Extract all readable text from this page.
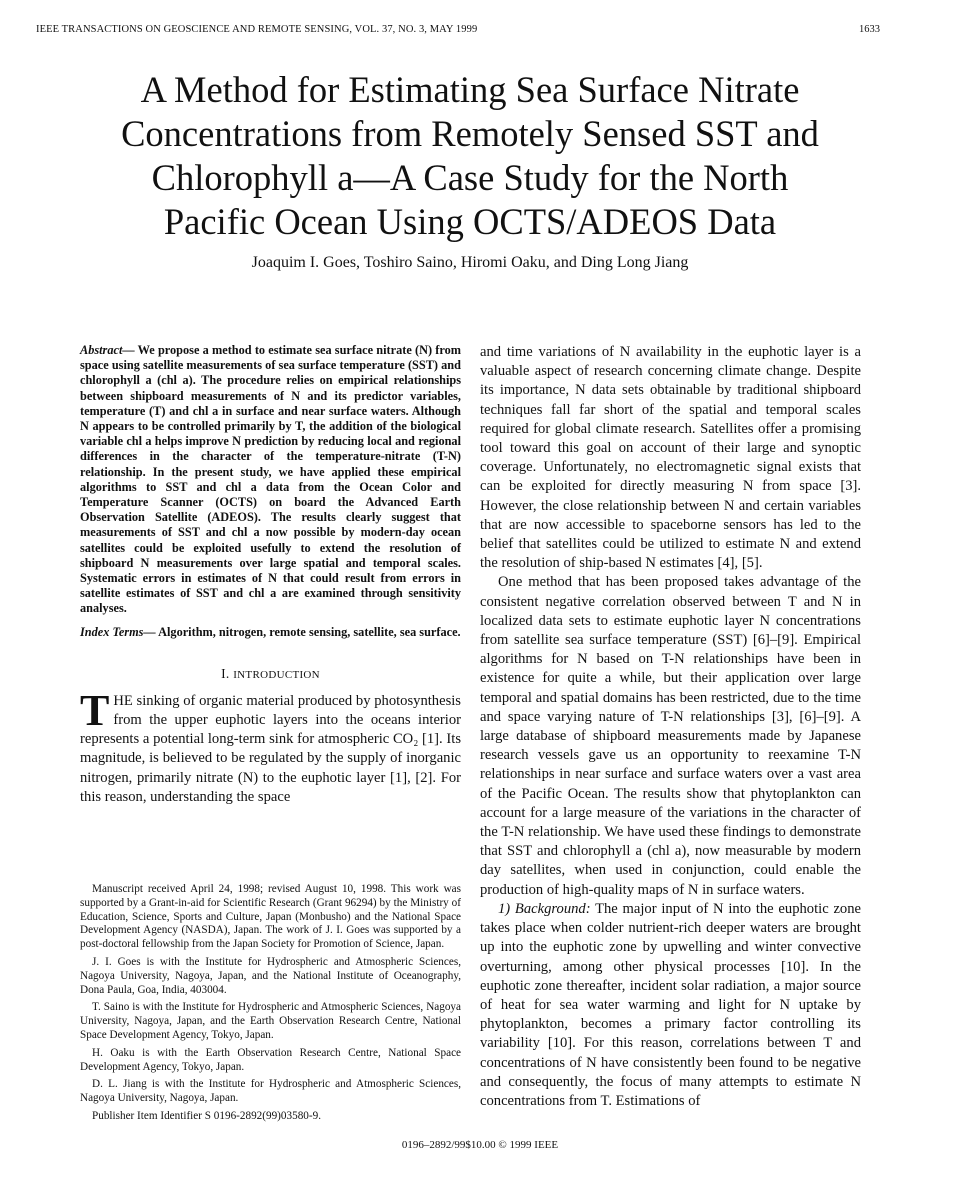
IEEE TRANSACTIONS ON GEOSCIENCE AND REMOTE SENSING, VOL. 37, NO. 3, MAY 1999	1633
A Method for Estimating Sea Surface Nitrate
Concentrations from Remotely Sensed SST and
Chlorophyll a—A Case Study for the North
Pacific Ocean Using OCTS/ADEOS Data
Joaquim I. Goes, Toshiro Saino, Hiromi Oaku, and Ding Long Jiang

Abstract— We propose a method to estimate sea surface nitrate (N) from space using satellite measurements of sea surface temperature (SST) and chlorophyll a (chl a). The procedure relies on empirical relationships between shipboard measurements of N and its predictor variables, temperature (T) and chl a in surface and near surface waters. Although N appears to be controlled primarily by T, the addition of the biological variable chl a helps improve N prediction by reducing local and regional differences in the character of the temperature-nitrate (T-N) relationship. In the present study, we have applied these empirical algorithms to SST and chl a data from the Ocean Color and Temperature Scanner (OCTS) on board the Advanced Earth Observation Satellite (ADEOS). The results clearly suggest that measurements of SST and chl a now possible by modern-day ocean satellites could be exploited usefully to extend the resolution of shipboard N measurements over large spatial and temporal scales. Systematic errors in estimates of N that could result from errors in satellite estimates of SST and chl a are examined through sensitivity analyses.

Index Terms— Algorithm, nitrogen, remote sensing, satellite, sea surface.

I. INTRODUCTION

THE sinking of organic material produced by photosynthesis from the upper euphotic layers into the oceans interior represents a potential long-term sink for atmospheric CO₂ [1]. Its magnitude, is believed to be regulated by the supply of inorganic nitrogen, primarily nitrate (N) to the euphotic layer [1], [2]. For this reason, understanding the space

Manuscript received April 24, 1998; revised August 10, 1998. This work was supported by a Grant-in-aid for Scientific Research (Grant 96294) by the Ministry of Education, Science, Sports and Culture, Japan (Monbusho) and the National Space Development Agency (NASDA), Japan. The work of J. I. Goes was supported by a post-doctoral fellowship from the Japan Society for Promotion of Science, Japan.

J. I. Goes is with the Institute for Hydrospheric and Atmospheric Sciences, Nagoya University, Nagoya, Japan, and the National Institute of Oceanography, Dona Paula, Goa, India, 403004.

T. Saino is with the Institute for Hydrospheric and Atmospheric Sciences, Nagoya University, Nagoya, Japan, and the Earth Observation Research Centre, National Space Development Agency, Tokyo, Japan.

H. Oaku is with the Earth Observation Research Centre, National Space Development Agency, Tokyo, Japan.

D. L. Jiang is with the Institute for Hydrospheric and Atmospheric Sciences, Nagoya University, Nagoya, Japan.

Publisher Item Identifier S 0196-2892(99)03580-9.

and time variations of N availability in the euphotic layer is a valuable aspect of research concerning climate change. Despite its importance, N data sets obtainable by traditional shipboard techniques fall far short of the spatial and temporal scales required for global climate research. Satellites offer a promising tool toward this goal on account of their large and synoptic coverage. Unfortunately, no electromagnetic signal exists that can be exploited for directly measuring N from space [3]. However, the close relationship between N and certain variables that are now accessible to spaceborne sensors has led to the belief that satellites could be utilized to estimate N and extend the resolution of ship-based N estimates [4], [5].

One method that has been proposed takes advantage of the consistent negative correlation observed between T and N in localized data sets to estimate euphotic layer N concentrations from satellite sea surface temperature (SST) [6]–[9]. Empirical algorithms for N based on T-N relationships have been in existence for quite a while, but their application over large temporal and spatial domains has been restricted, due to the time and space varying nature of T-N relationships [3], [6]–[9]. A large database of shipboard measurements made by Japanese research vessels gave us an opportunity to reexamine T-N relationships in near surface and surface waters over a vast area of the Pacific Ocean. The results show that phytoplankton can account for a large measure of the variations in the character of the T-N relationship. We have used these findings to demonstrate that SST and chlorophyll a (chl a), now measurable by modern day satellites, when used in conjunction, could enable the production of high-quality maps of N in surface waters.

1) Background: The major input of N into the euphotic zone takes place when colder nutrient-rich deeper waters are brought up into the euphotic zone by upwelling and winter convective overturning, among other physical processes [10]. In the euphotic zone thereafter, incident solar radiation, a major source of heat for sea water warming and light for N uptake by phytoplankton, becomes a primary factor controlling its variability [10]. For this reason, correlations between T and concentrations of N have consistently been found to be negative and consequently, the focus of many attempts to estimate N concentrations from T. Estimations of

0196–2892/99$10.00 © 1999 IEEE
